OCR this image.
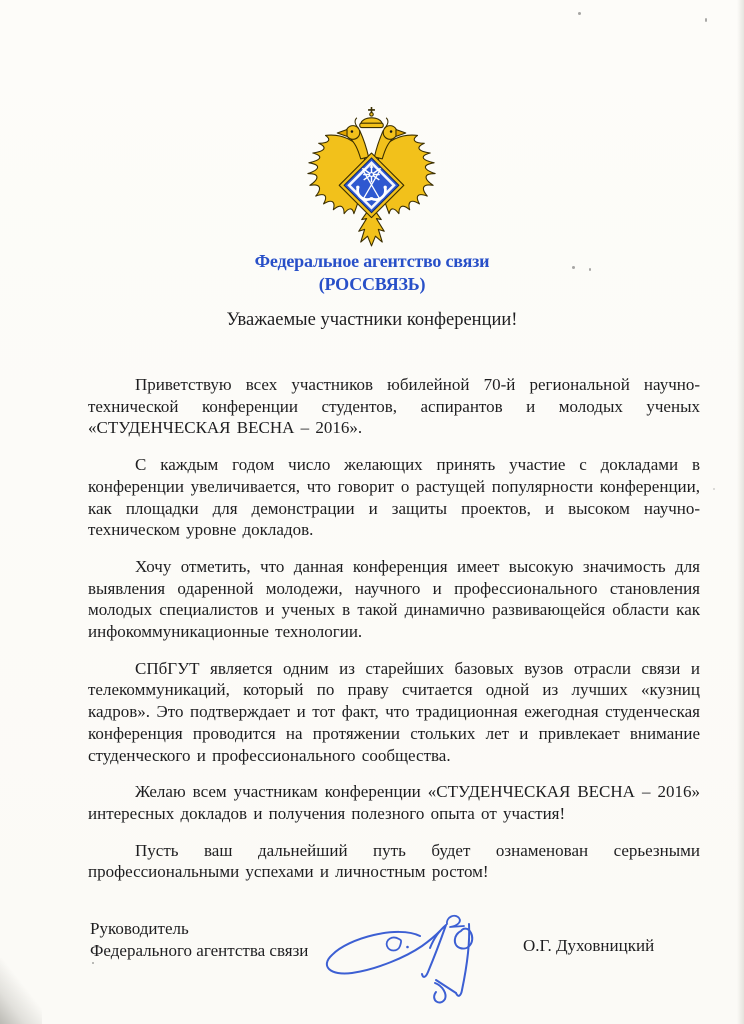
Федеральное агентство связи
(РОССВЯЗЬ)
Уважаемые участники конференции!

Приветствую всех участников юбилейной 70-й региональной научно-технической конференции студентов, аспирантов и молодых ученых «СТУДЕНЧЕСКАЯ ВЕСНА – 2016».

С каждым годом число желающих принять участие с докладами в конференции увеличивается, что говорит о растущей популярности конференции, как площадки для демонстрации и защиты проектов, и высоком научно-техническом уровне докладов.

Хочу отметить, что данная конференция имеет высокую значимость для выявления одаренной молодежи, научного и профессионального становления молодых специалистов и ученых в такой динамично развивающейся области как инфокоммуникационные технологии.

СПбГУТ является одним из старейших базовых вузов отрасли связи и телекоммуникаций, который по праву считается одной из лучших «кузниц кадров». Это подтверждает и тот факт, что традиционная ежегодная студенческая конференция проводится на протяжении стольких лет и привлекает внимание студенческого и профессионального сообщества.

Желаю всем участникам конференции «СТУДЕНЧЕСКАЯ ВЕСНА – 2016» интересных докладов и получения полезного опыта от участия!

Пусть ваш дальнейший путь будет ознаменован серьезными профессиональными успехами и личностным ростом!

Руководитель
Федерального агентства связи	О.Г. Духовницкий
